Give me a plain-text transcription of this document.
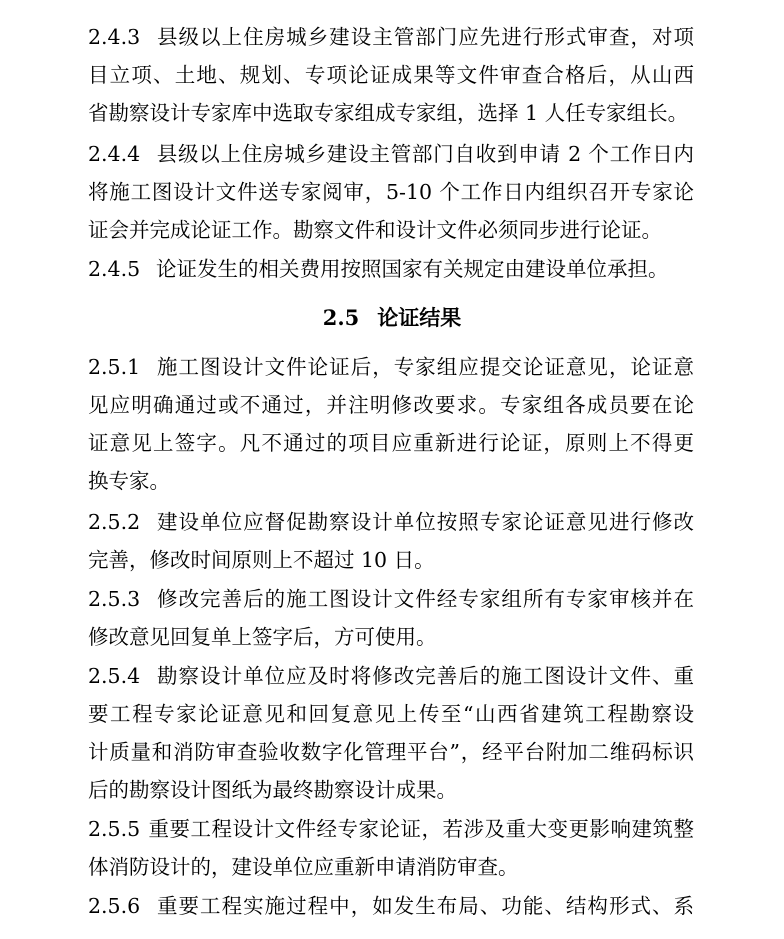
2.4.3 县级以上住房城乡建设主管部门应先进行形式审查，对项
目立项、土地、规划、专项论证成果等文件审查合格后，从山西
省勘察设计专家库中选取专家组成专家组，选择 1 人任专家组长。
2.4.4 县级以上住房城乡建设主管部门自收到申请 2 个工作日内
将施工图设计文件送专家阅审，5-10 个工作日内组织召开专家论
证会并完成论证工作。勘察文件和设计文件必须同步进行论证。
2.4.5 论证发生的相关费用按照国家有关规定由建设单位承担。
2.5 论证结果
2.5.1 施工图设计文件论证后，专家组应提交论证意见，论证意
见应明确通过或不通过，并注明修改要求。专家组各成员要在论
证意见上签字。凡不通过的项目应重新进行论证，原则上不得更
换专家。
2.5.2 建设单位应督促勘察设计单位按照专家论证意见进行修改
完善，修改时间原则上不超过 10 日。
2.5.3 修改完善后的施工图设计文件经专家组所有专家审核并在
修改意见回复单上签字后，方可使用。
2.5.4 勘察设计单位应及时将修改完善后的施工图设计文件、重
要工程专家论证意见和回复意见上传至“山西省建筑工程勘察设
计质量和消防审查验收数字化管理平台”，经平台附加二维码标识
后的勘察设计图纸为最终勘察设计成果。
2.5.5 重要工程设计文件经专家论证，若涉及重大变更影响建筑整
体消防设计的，建设单位应重新申请消防审查。
2.5.6 重要工程实施过程中，如发生布局、功能、结构形式、系
